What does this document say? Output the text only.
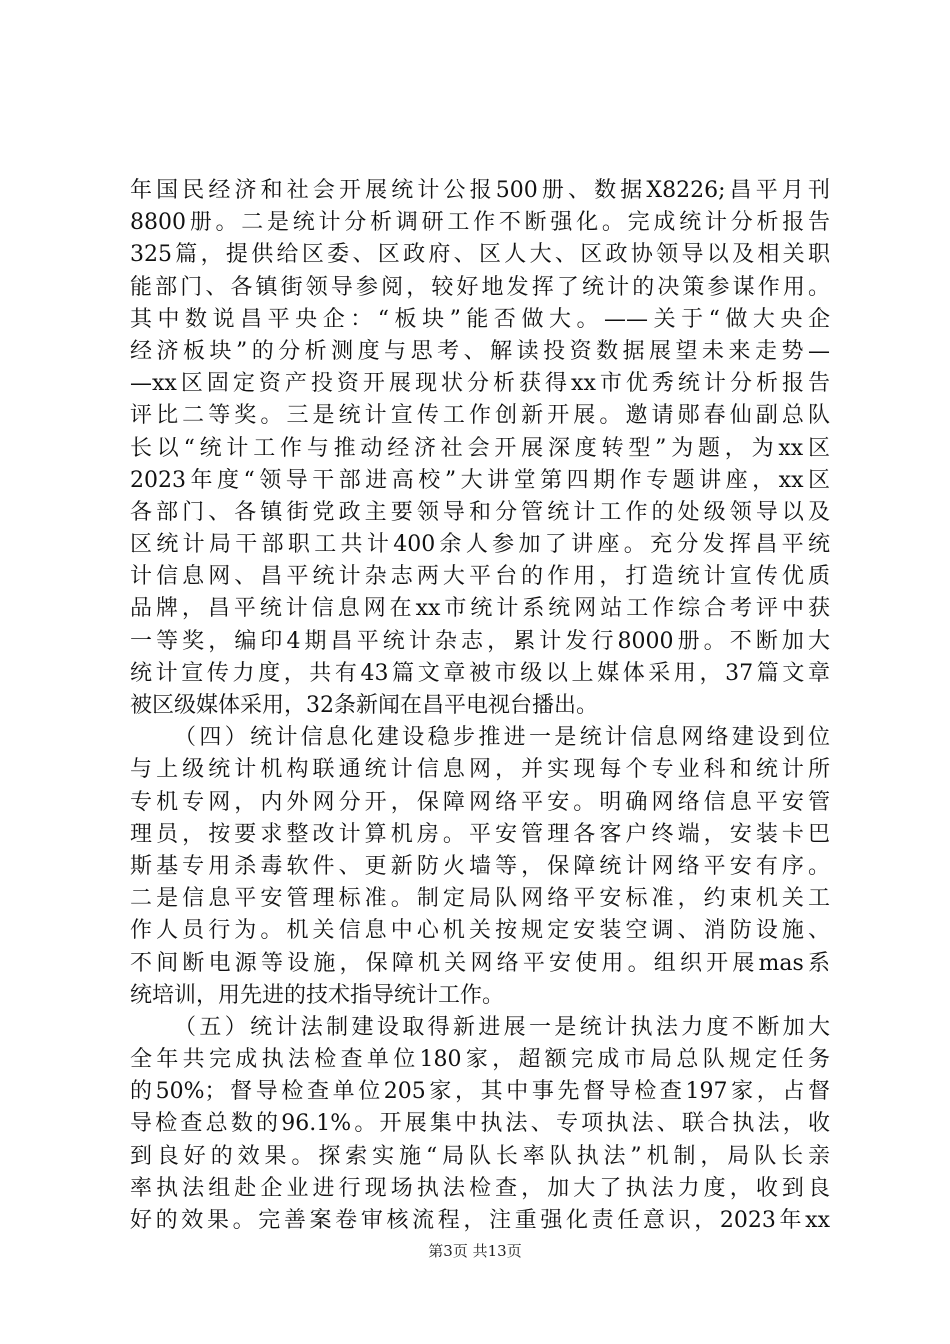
年国民经济和社会开展统计公报500册、数据X8226;昌平月刊
8800册。二是统计分析调研工作不断强化。完成统计分析报告
325篇，提供给区委、区政府、区人大、区政协领导以及相关职
能部门、各镇街领导参阅，较好地发挥了统计的决策参谋作用。
其中数说昌平央企：“板块”能否做大。——关于“做大央企
经济板块”的分析测度与思考、解读投资数据展望未来走势—
—xx区固定资产投资开展现状分析获得xx市优秀统计分析报告
评比二等奖。三是统计宣传工作创新开展。邀请郧春仙副总队
长以“统计工作与推动经济社会开展深度转型”为题，为xx区
2023年度“领导干部进高校”大讲堂第四期作专题讲座，xx区
各部门、各镇街党政主要领导和分管统计工作的处级领导以及
区统计局干部职工共计400余人参加了讲座。充分发挥昌平统
计信息网、昌平统计杂志两大平台的作用，打造统计宣传优质
品牌，昌平统计信息网在xx市统计系统网站工作综合考评中获
一等奖，编印4期昌平统计杂志，累计发行8000册。不断加大
统计宣传力度，共有43篇文章被市级以上媒体采用，37篇文章
被区级媒体采用，32条新闻在昌平电视台播出。
（四）统计信息化建设稳步推进一是统计信息网络建设到位
与上级统计机构联通统计信息网，并实现每个专业科和统计所
专机专网，内外网分开，保障网络平安。明确网络信息平安管
理员，按要求整改计算机房。平安管理各客户终端，安装卡巴
斯基专用杀毒软件、更新防火墙等，保障统计网络平安有序。
二是信息平安管理标准。制定局队网络平安标准，约束机关工
作人员行为。机关信息中心机关按规定安装空调、消防设施、
不间断电源等设施，保障机关网络平安使用。组织开展mas系
统培训，用先进的技术指导统计工作。
（五）统计法制建设取得新进展一是统计执法力度不断加大
全年共完成执法检查单位180家，超额完成市局总队规定任务
的50%；督导检查单位205家，其中事先督导检查197家，占督
导检查总数的96.1%。开展集中执法、专项执法、联合执法，收
到良好的效果。探索实施“局队长率队执法”机制，局队长亲
率执法组赴企业进行现场执法检查，加大了执法力度，收到良
好的效果。完善案卷审核流程，注重强化责任意识，2023年xx
第3页 共13页
